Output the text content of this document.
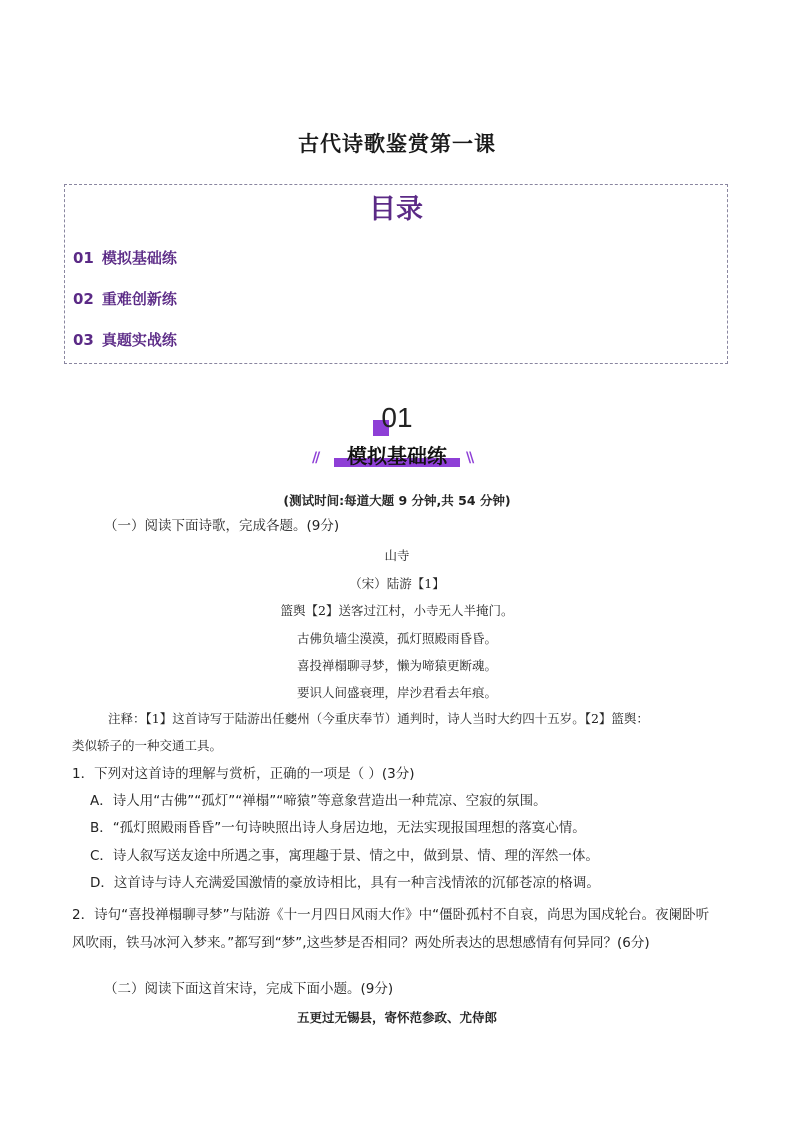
古代诗歌鉴赏第一课
目录
01 模拟基础练
02 重难创新练
03 真题实战练
01
模拟基础练
//	\\
(测试时间:每道大题 9 分钟,共 54 分钟)
（一）阅读下面诗歌，完成各题。(9分)
山寺
（宋）陆游【1】
篮舆【2】送客过江村，小寺无人半掩门。
古佛负墙尘漠漠，孤灯照殿雨昏昏。
喜投禅榻聊寻梦，懒为啼猿更断魂。
要识人间盛衰理，岸沙君看去年痕。
注释：【1】这首诗写于陆游出任夔州（今重庆奉节）通判时，诗人当时大约四十五岁。【2】篮舆：
类似轿子的一种交通工具。
1．下列对这首诗的理解与赏析，正确的一项是（ ）(3分)
A．诗人用“古佛”“孤灯”“禅榻”“啼猿”等意象营造出一种荒凉、空寂的氛围。
B．“孤灯照殿雨昏昏”一句诗映照出诗人身居边地，无法实现报国理想的落寞心情。
C．诗人叙写送友途中所遇之事，寓理趣于景、情之中，做到景、情、理的浑然一体。
D．这首诗与诗人充满爱国激情的豪放诗相比，具有一种言浅情浓的沉郁苍凉的格调。
2．诗句“喜投禅榻聊寻梦”与陆游《十一月四日风雨大作》中“僵卧孤村不自哀，尚思为国戍轮台。夜阑卧听风吹雨，铁马冰河入梦来。”都写到“梦”,这些梦是否相同？两处所表达的思想感情有何异同？(6分)
（二）阅读下面这首宋诗，完成下面小题。(9分)
五更过无锡县，寄怀范参政、尤侍郎
